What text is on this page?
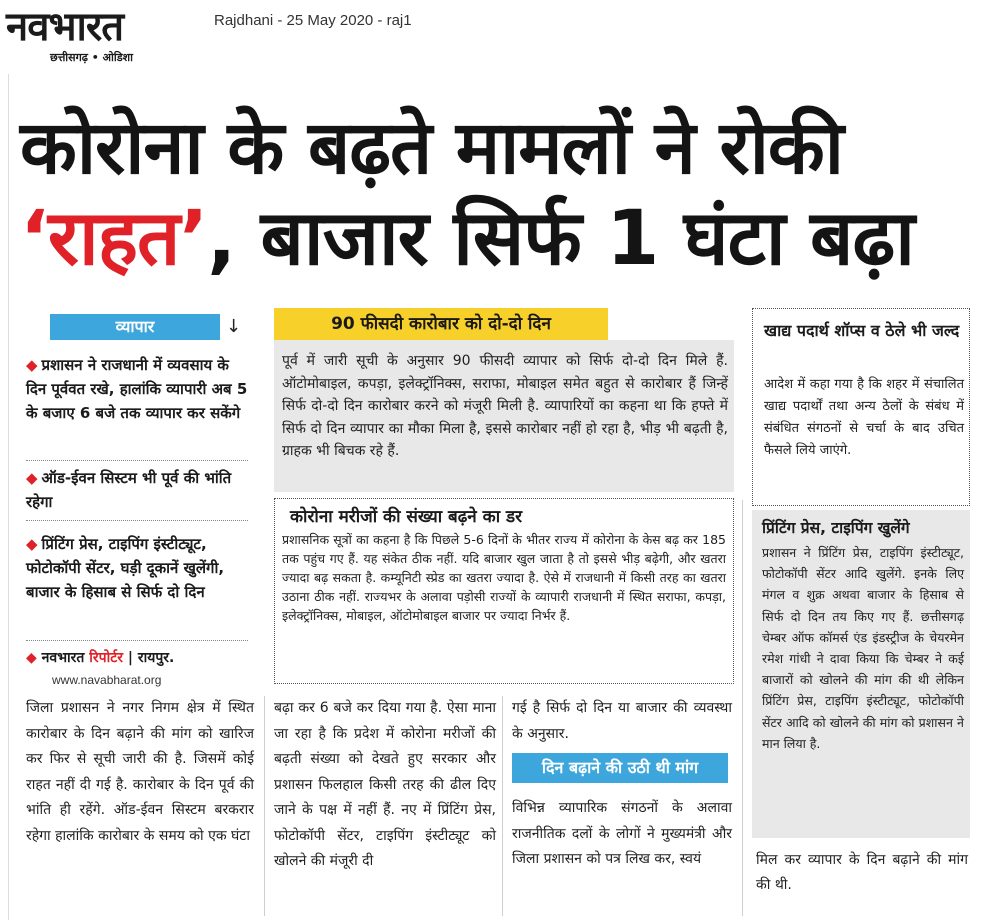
नवभारत
छत्तीसगढ़ • ओडिशा
Rajdhani - 25 May 2020 - raj1
कोरोना के बढ़ते मामलों ने रोकी
‘राहत’, बाजार सिर्फ 1 घंटा बढ़ा
व्यापार	↓
◆ प्रशासन ने राजधानी में व्यवसाय के दिन पूर्ववत रखे, हालांकि व्यापारी अब 5 के बजाए 6 बजे तक व्यापार कर सकेंगे
◆ ऑड-ईवन सिस्टम भी पूर्व की भांति रहेगा
◆ प्रिंटिंग प्रेस, टाइपिंग इंस्टीट्यूट, फोटोकॉपी सेंटर, घड़ी दूकानें खुलेंगी, बाजार के हिसाब से सिर्फ दो दिन
◆ नवभारत रिपोर्टर | रायपुर.
www.navabharat.org
90 फीसदी कारोबार को दो-दो दिन
पूर्व में जारी सूची के अनुसार 90 फीसदी व्यापार को सिर्फ दो-दो दिन मिले हैं. ऑटोमोबाइल, कपड़ा, इलेक्ट्रॉनिक्स, सराफा, मोबाइल समेत बहुत से कारोबार हैं जिन्हें सिर्फ दो-दो दिन कारोबार करने को मंजूरी मिली है. व्यापारियों का कहना था कि हफ्ते में सिर्फ दो दिन व्यापार का मौका मिला है, इससे कारोबार नहीं हो रहा है, भीड़ भी बढ़ती है, ग्राहक भी बिचक रहे हैं.
कोरोना मरीजों की संख्या बढ़ने का डर
प्रशासनिक सूत्रों का कहना है कि पिछले 5-6 दिनों के भीतर राज्य में कोरोना के केस बढ़ कर 185 तक पहुंच गए हैं. यह संकेत ठीक नहीं. यदि बाजार खुल जाता है तो इससे भीड़ बढ़ेगी, और खतरा ज्यादा बढ़ सकता है. कम्यूनिटी स्प्रेड का खतरा ज्यादा है. ऐसे में राजधानी में किसी तरह का खतरा उठाना ठीक नहीं. राज्यभर के अलावा पड़ोसी राज्यों के व्यापारी राजधानी में स्थित सराफा, कपड़ा, इलेक्ट्रॉनिक्स, मोबाइल, ऑटोमोबाइल बाजार पर ज्यादा निर्भर हैं.
खाद्य पदार्थ शॉप्स व ठेले भी जल्द
आदेश में कहा गया है कि शहर में संचालित खाद्य पदार्थों तथा अन्य ठेलों के संबंध में संबंधित संगठनों से चर्चा के बाद उचित फैसले लिये जाएंगे.
प्रिंटिंग प्रेस, टाइपिंग खुलेंगे
प्रशासन ने प्रिंटिंग प्रेस, टाइपिंग इंस्टीट्यूट, फोटोकॉपी सेंटर आदि खुलेंगे. इनके लिए मंगल व शुक्र अथवा बाजार के हिसाब से सिर्फ दो दिन तय किए गए हैं. छत्तीसगढ़ चेम्बर ऑफ कॉमर्स एंड इंडस्ट्रीज के चेयरमेन रमेश गांधी ने दावा किया कि चेम्बर ने कई बाजारों को खोलने की मांग की थी लेकिन प्रिंटिंग प्रेस, टाइपिंग इंस्टीट्यूट, फोटोकॉपी सेंटर आदि को खोलने की मांग को प्रशासन ने मान लिया है.
जिला प्रशासन ने नगर निगम क्षेत्र में स्थित कारोबार के दिन बढ़ाने की मांग को खारिज कर फिर से सूची जारी की है. जिसमें कोई राहत नहीं दी गई है. कारोबार के दिन पूर्व की भांति ही रहेंगे. ऑड-ईवन सिस्टम बरकरार रहेगा हालांकि कारोबार के समय को एक घंटा
बढ़ा कर 6 बजे कर दिया गया है. ऐसा माना जा रहा है कि प्रदेश में कोरोना मरीजों की बढ़ती संख्या को देखते हुए सरकार और प्रशासन फिलहाल किसी तरह की ढील दिए जाने के पक्ष में नहीं हैं. नए में प्रिंटिंग प्रेस, फोटोकॉपी सेंटर, टाइपिंग इंस्टीट्यूट को खोलने की मंजूरी दी
गई है सिर्फ दो दिन या बाजार की व्यवस्था के अनुसार.
दिन बढ़ाने की उठी थी मांग
विभिन्न व्यापारिक संगठनों के अलावा राजनीतिक दलों के लोगों ने मुख्यमंत्री और जिला प्रशासन को पत्र लिख कर, स्वयं	मिल कर व्यापार के दिन बढ़ाने की मांग की थी.
